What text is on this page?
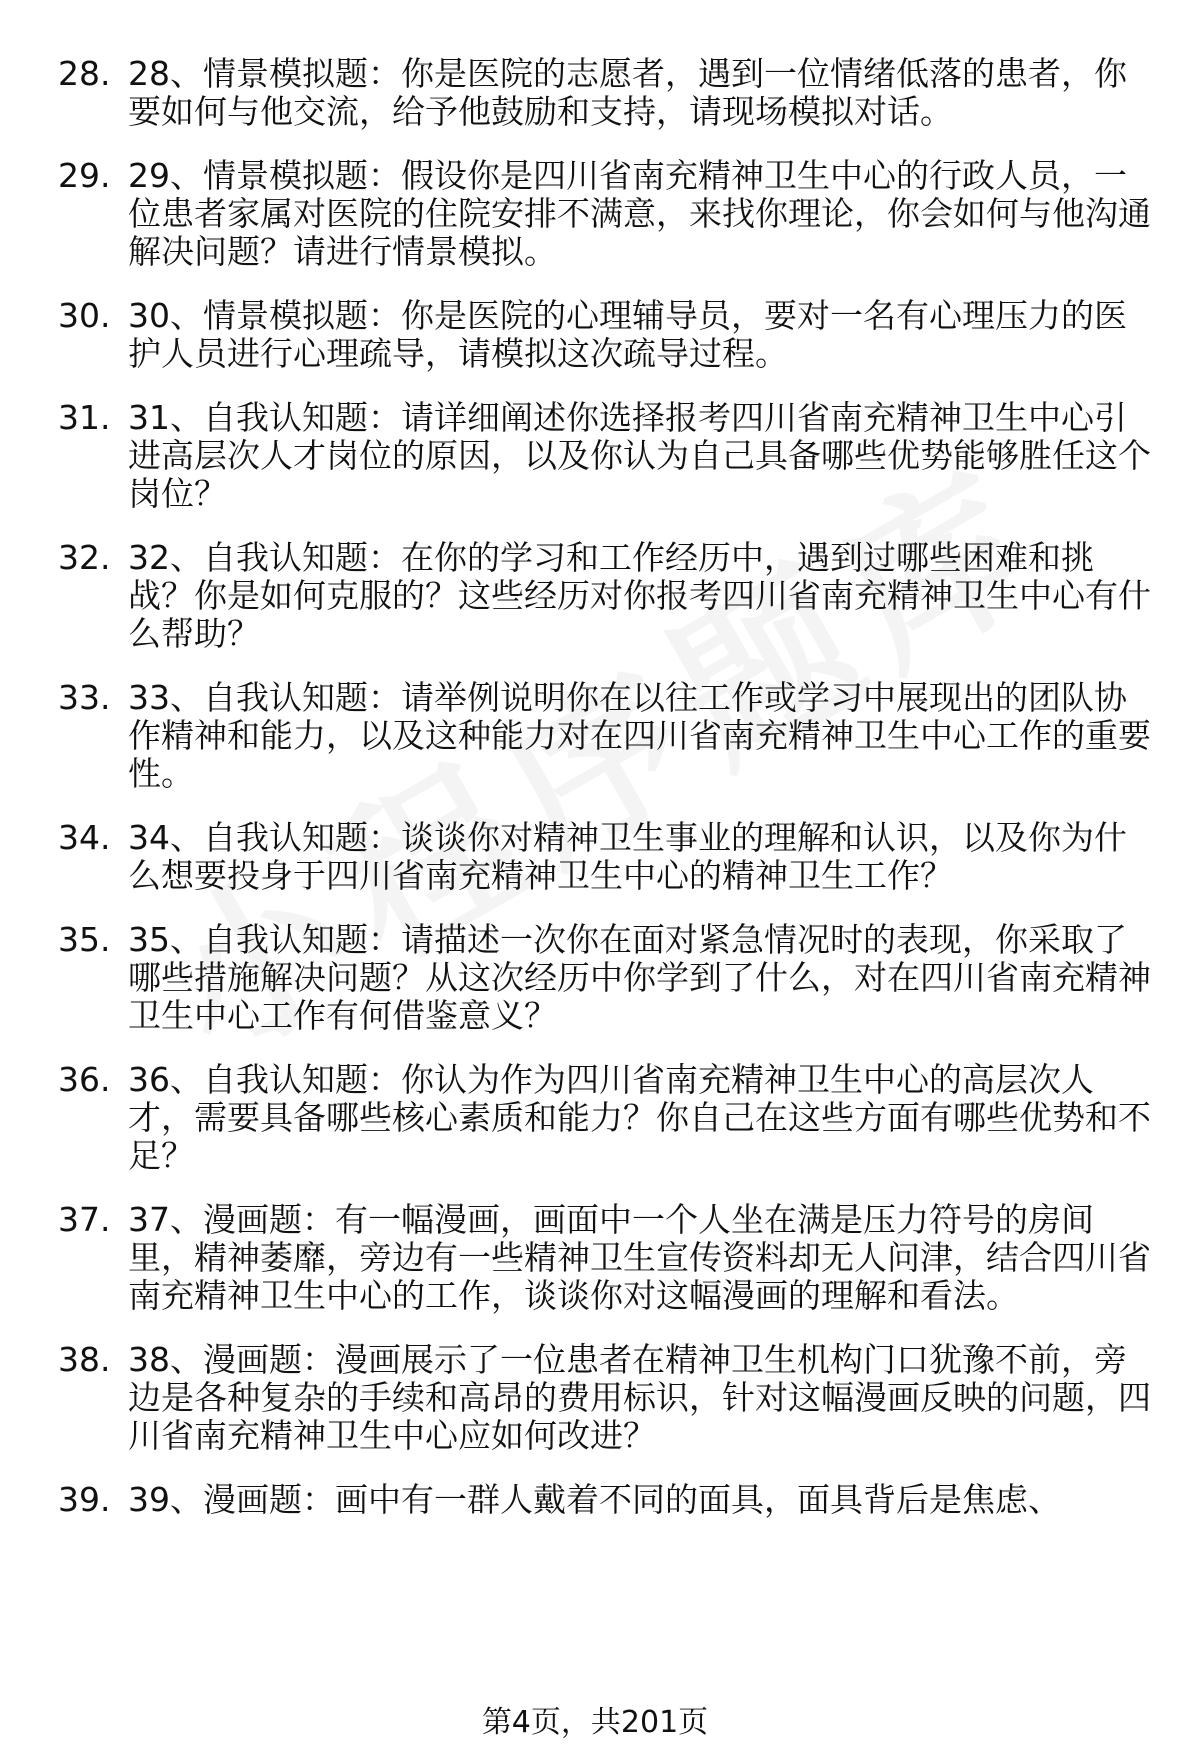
28. 28、情景模拟题：你是医院的志愿者，遇到一位情绪低落的患者，你要如何与他交流，给予他鼓励和支持，请现场模拟对话。
29. 29、情景模拟题：假设你是四川省南充精神卫生中心的行政人员，一位患者家属对医院的住院安排不满意，来找你理论，你会如何与他沟通解决问题？请进行情景模拟。
30. 30、情景模拟题：你是医院的心理辅导员，要对一名有心理压力的医护人员进行心理疏导，请模拟这次疏导过程。
31. 31、自我认知题：请详细阐述你选择报考四川省南充精神卫生中心引进高层次人才岗位的原因，以及你认为自己具备哪些优势能够胜任这个岗位？
32. 32、自我认知题：在你的学习和工作经历中，遇到过哪些困难和挑战？你是如何克服的？这些经历对你报考四川省南充精神卫生中心有什么帮助？
33. 33、自我认知题：请举例说明你在以往工作或学习中展现出的团队协作精神和能力，以及这种能力对在四川省南充精神卫生中心工作的重要性。
34. 34、自我认知题：谈谈你对精神卫生事业的理解和认识，以及你为什么想要投身于四川省南充精神卫生中心的精神卫生工作？
35. 35、自我认知题：请描述一次你在面对紧急情况时的表现，你采取了哪些措施解决问题？从这次经历中你学到了什么，对在四川省南充精神卫生中心工作有何借鉴意义？
36. 36、自我认知题：你认为作为四川省南充精神卫生中心的高层次人才，需要具备哪些核心素质和能力？你自己在这些方面有哪些优势和不足？
37. 37、漫画题：有一幅漫画，画面中一个人坐在满是压力符号的房间里，精神萎靡，旁边有一些精神卫生宣传资料却无人问津，结合四川省南充精神卫生中心的工作，谈谈你对这幅漫画的理解和看法。
38. 38、漫画题：漫画展示了一位患者在精神卫生机构门口犹豫不前，旁边是各种复杂的手续和高昂的费用标识，针对这幅漫画反映的问题，四川省南充精神卫生中心应如何改进？
39. 39、漫画题：画中有一群人戴着不同的面具，面具背后是焦虑、
第4页，共201页
